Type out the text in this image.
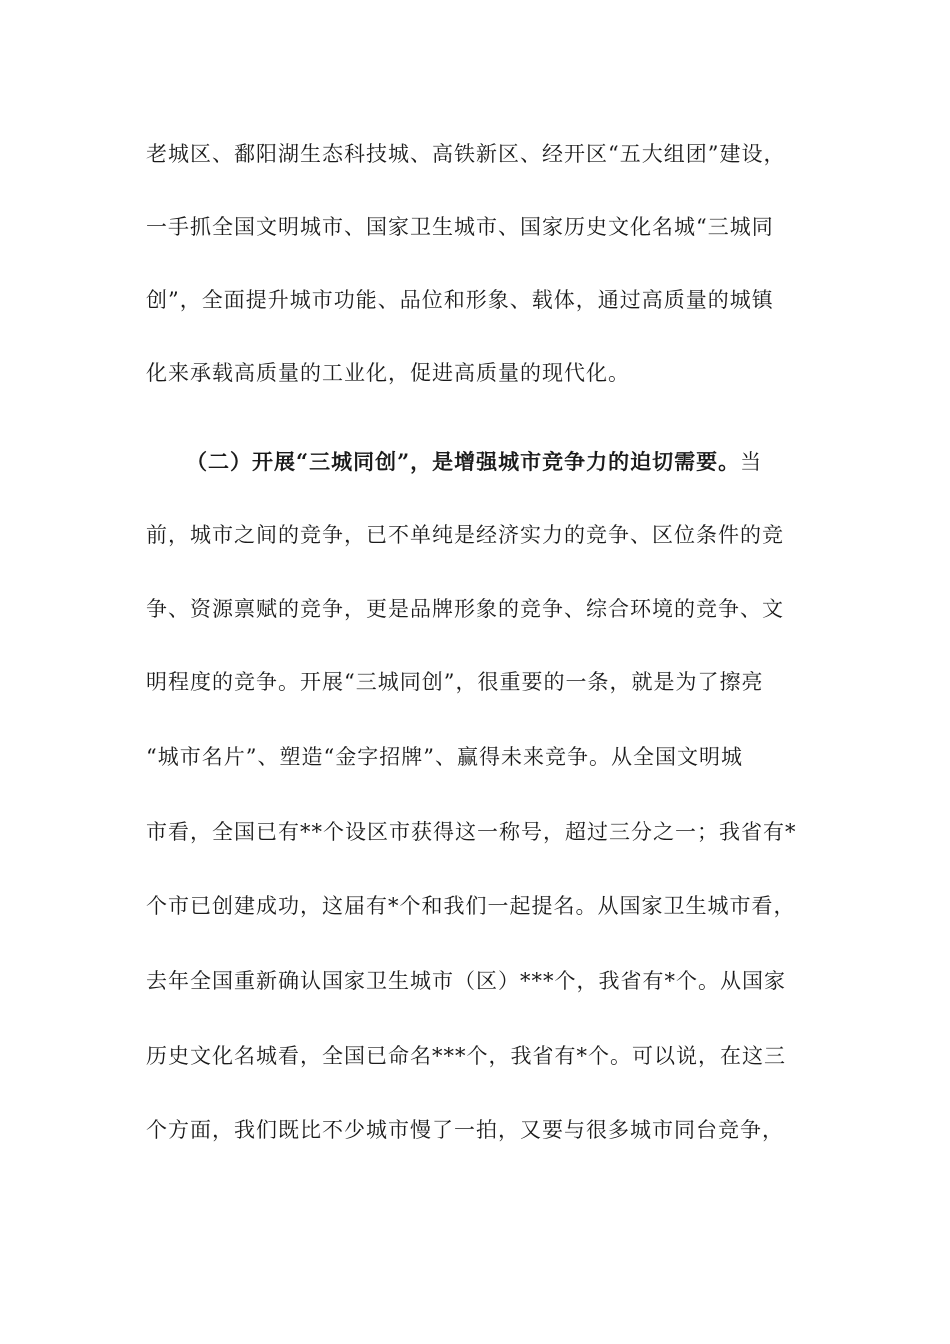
老城区、鄱阳湖生态科技城、高铁新区、经开区“五大组团”建设，
一手抓全国文明城市、国家卫生城市、国家历史文化名城“三城同
创”，全面提升城市功能、品位和形象、载体，通过高质量的城镇
化来承载高质量的工业化，促进高质量的现代化。
（二）开展“三城同创”，是增强城市竞争力的迫切需要。当
前，城市之间的竞争，已不单纯是经济实力的竞争、区位条件的竞
争、资源禀赋的竞争，更是品牌形象的竞争、综合环境的竞争、文
明程度的竞争。开展“三城同创”，很重要的一条，就是为了擦亮
“城市名片”、塑造“金字招牌”、赢得未来竞争。从全国文明城
市看，全国已有**个设区市获得这一称号，超过三分之一；我省有*
个市已创建成功，这届有*个和我们一起提名。从国家卫生城市看，
去年全国重新确认国家卫生城市（区）***个，我省有*个。从国家
历史文化名城看，全国已命名***个，我省有*个。可以说，在这三
个方面，我们既比不少城市慢了一拍，又要与很多城市同台竞争，
